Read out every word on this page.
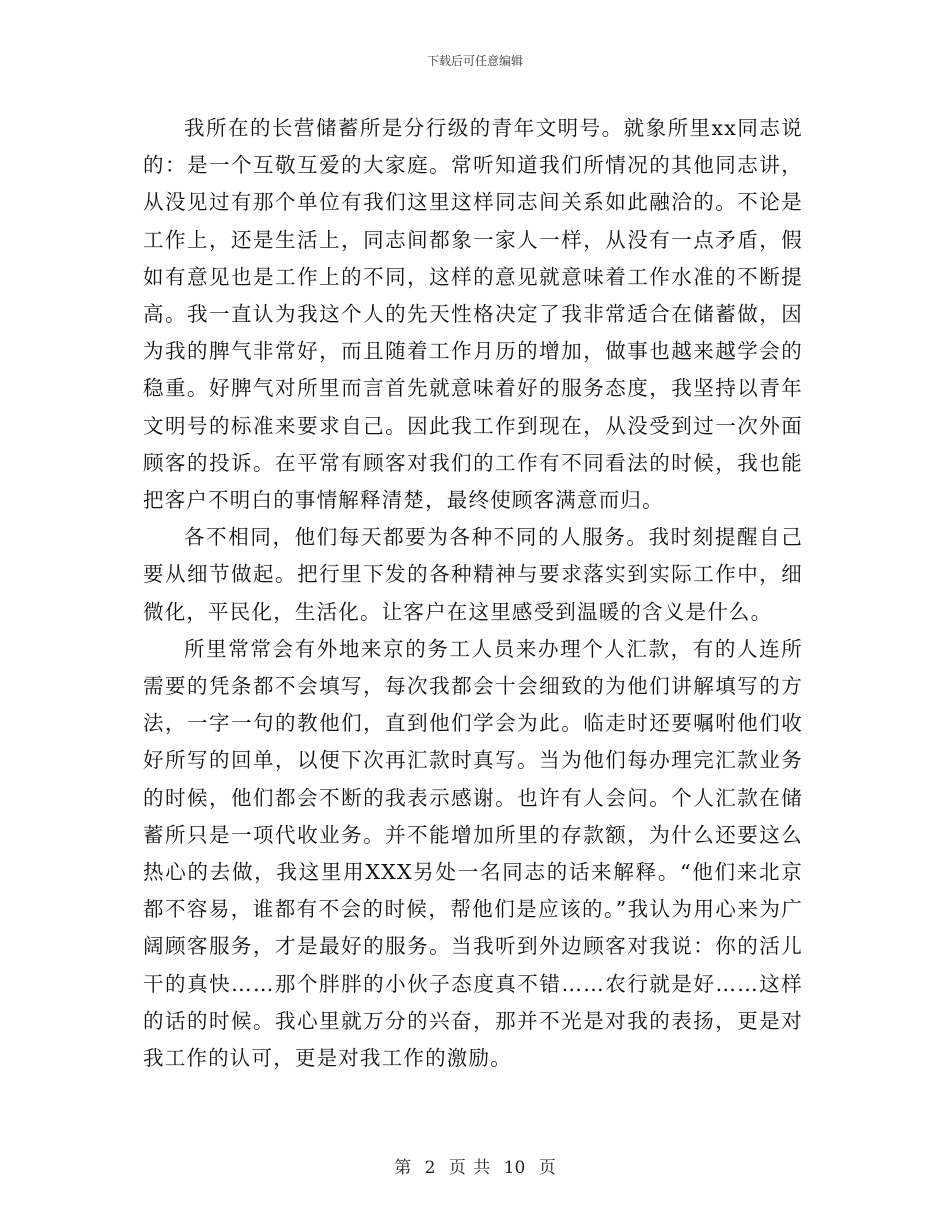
下载后可任意编辑

我所在的长营储蓄所是分行级的青年文明号。就象所里xx同志说的：是一个互敬互爱的大家庭。常听知道我们所情况的其他同志讲，从没见过有那个单位有我们这里这样同志间关系如此融洽的。不论是工作上，还是生活上，同志间都象一家人一样，从没有一点矛盾，假如有意见也是工作上的不同，这样的意见就意味着工作水准的不断提高。我一直认为我这个人的先天性格决定了我非常适合在储蓄做，因为我的脾气非常好，而且随着工作月历的增加，做事也越来越学会的稳重。好脾气对所里而言首先就意味着好的服务态度，我坚持以青年文明号的标准来要求自己。因此我工作到现在，从没受到过一次外面顾客的投诉。在平常有顾客对我们的工作有不同看法的时候，我也能把客户不明白的事情解释清楚，最终使顾客满意而归。

各不相同，他们每天都要为各种不同的人服务。我时刻提醒自己要从细节做起。把行里下发的各种精神与要求落实到实际工作中，细微化，平民化，生活化。让客户在这里感受到温暖的含义是什么。

所里常常会有外地来京的务工人员来办理个人汇款，有的人连所需要的凭条都不会填写，每次我都会十会细致的为他们讲解填写的方法，一字一句的教他们，直到他们学会为此。临走时还要嘱咐他们收好所写的回单，以便下次再汇款时真写。当为他们每办理完汇款业务的时候，他们都会不断的我表示感谢。也许有人会问。个人汇款在储蓄所只是一项代收业务。并不能增加所里的存款额，为什么还要这么热心的去做，我这里用XXX另处一名同志的话来解释。“他们来北京都不容易，谁都有不会的时候，帮他们是应该的。”我认为用心来为广阔顾客服务，才是最好的服务。当我听到外边顾客对我说：你的活儿干的真快……那个胖胖的小伙子态度真不错……农行就是好……这样的话的时候。我心里就万分的兴奋，那并不光是对我的表扬，更是对我工作的认可，更是对我工作的激励。

第 2 页 共 10 页
